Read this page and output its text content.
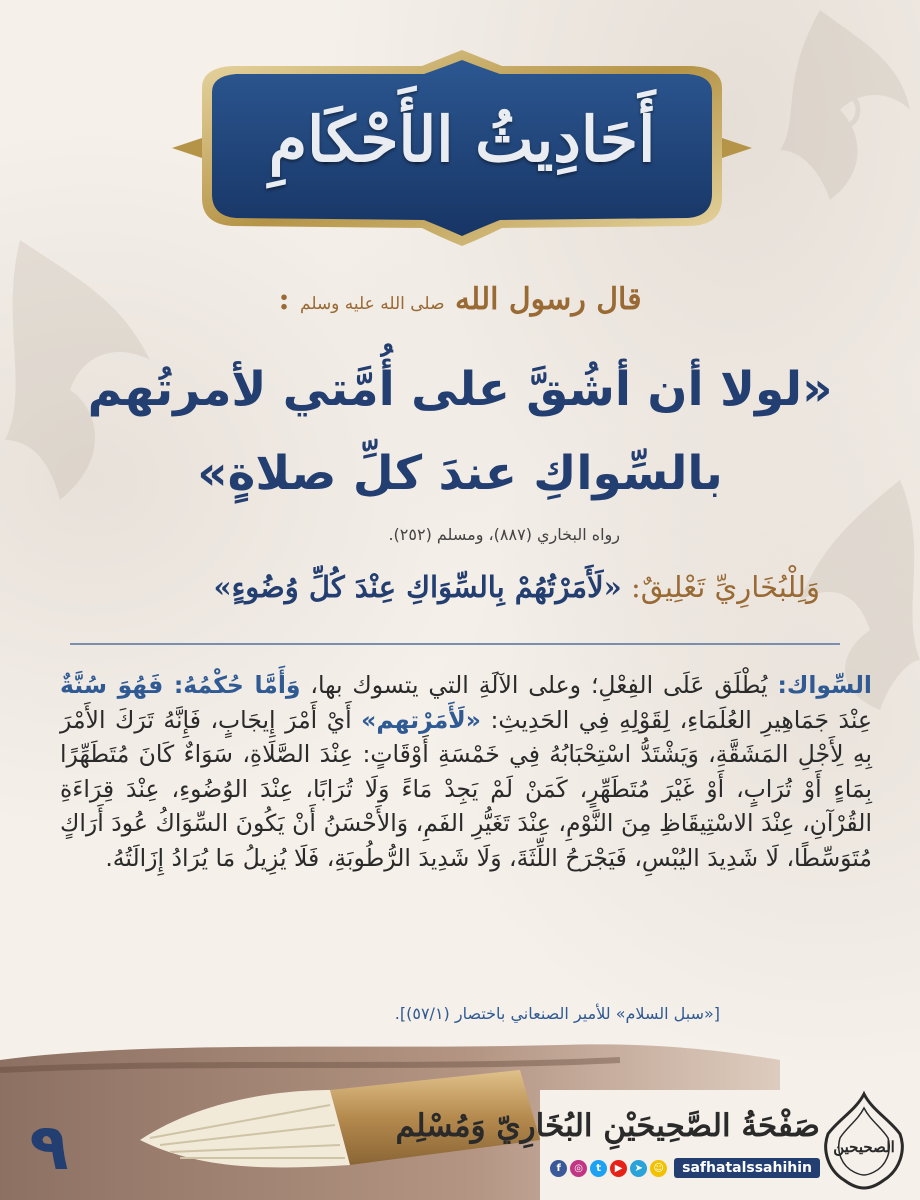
أَحَادِيثُ الأَحْكَامِ
قال رسول الله صلى الله عليه وسلم :
«لولا أن أشُقَّ على أُمَّتي لأمرتُهم
بالسِّواكِ عندَ كلِّ صلاةٍ»
رواه البخاري (٨٨٧)، ومسلم (٢٥٢).
وَلِلْبُخَارِيِّ تَعْلِيقٌ: «لَأَمَرْتُهُمْ بِالسِّوَاكِ عِنْدَ كُلِّ وُضُوءٍ»
السِّواك: يُطْلَق عَلَى الفِعْلِ؛ وعلى الآلَةِ التي يتسوك بها، وَأَمَّا حُكْمُهُ: فَهُوَ سُنَّةٌ عِنْدَ جَمَاهِيرِ العُلَمَاءِ، لِقَوْلِهِ فِي الحَدِيثِ: «لَأَمَرْتهم» أَيْ أَمْرَ إِيجَابٍ، فَإِنَّهُ تَرَكَ الأَمْرَ بِهِ لِأَجْلِ المَشَقَّةِ، وَيَشْتَدُّ اسْتِحْبَابُهُ فِي خَمْسَةِ أَوْقَاتٍ: عِنْدَ الصَّلَاةِ، سَوَاءٌ كَانَ مُتَطَهِّرًا بِمَاءٍ أَوْ تُرَابٍ، أَوْ غَيْرَ مُتَطَهِّرٍ، كَمَنْ لَمْ يَجِدْ مَاءً وَلَا تُرَابًا، عِنْدَ الوُضُوءِ، عِنْدَ قِرَاءَةِ القُرْآنِ، عِنْدَ الاسْتِيقَاظِ مِنَ النَّوْمِ، عِنْدَ تَغَيُّرِ الفَمِ، وَالأَحْسَنُ أَنْ يَكُونَ السِّوَاكُ عُودَ أَرَاكٍ مُتَوَسِّطًا، لَا شَدِيدَ اليُبْسِ، فَيَجْرَحُ اللِّثَةَ، وَلَا شَدِيدَ الرُّطُوبَةِ، فَلَا يُزِيلُ مَا يُرَادُ إِزَالَتُهُ.
[«سبل السلام» للأمير الصنعاني باختصار (٥٧/١)].
٩	صَفْحَةُ الصَّحِيحَيْنِ البُخَارِيّ وَمُسْلِم
f ◎ t ▶ ➤ ☺	safhatalssahihin
الصحيحين
